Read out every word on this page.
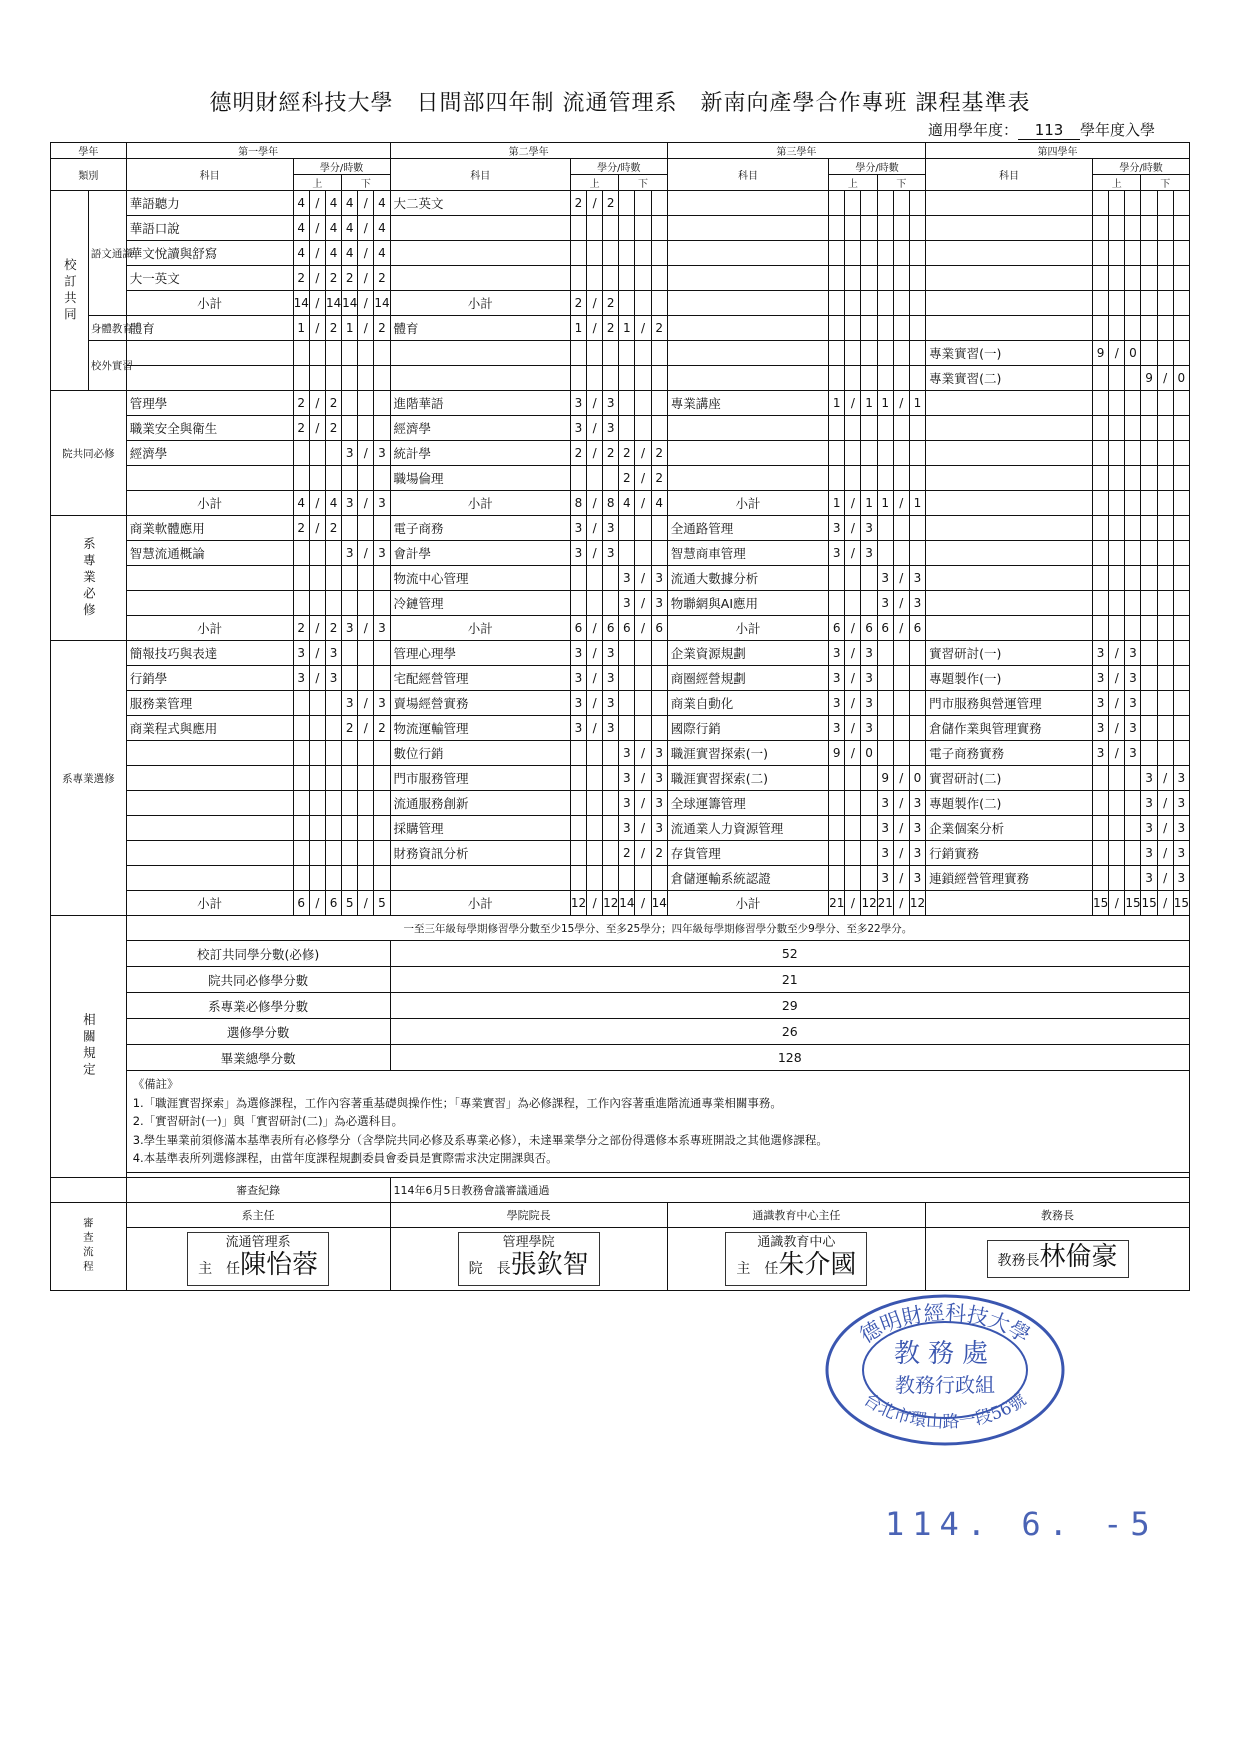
德明財經科技大學　日間部四年制 流通管理系　新南向產學合作專班 課程基準表
適用學年度： 113 學年度入學
學年		第一學年							第二學年							第三學年							第四學年						
類別		科目	學分/時數						科目	學分/時數						科目	學分/時數						科目	學分/時數					
			上			下				上			下				上			下				上			下		
校訂共同	語文通識	華語聽力	4	/	4	4	/	4	大二英文	2	/	2																	
		華語口說	4	/	4	4	/	4																					
		華文悅讀與舒寫	4	/	4	4	/	4																					
		大一英文	2	/	2	2	/	2																					
		小計	14	/	14	14	/	14	小計	2	/	2																	
	身體教育	體育	1	/	2	1	/	2	體育	1	/	2	1	/	2														
	校外實習																						專業實習(一)	9	/	0			
																							專業實習(二)				9	/	0
院共同必修		管理學	2	/	2				進階華語	3	/	3				專業講座	1	/	1	1	/	1							
		職業安全與衛生	2	/	2				經濟學	3	/	3																	
		經濟學				3	/	3	統計學	2	/	2	2	/	2														
									職場倫理				2	/	2														
		小計	4	/	4	3	/	3	小計	8	/	8	4	/	4	小計	1	/	1	1	/	1							
系專業必修		商業軟體應用	2	/	2				電子商務	3	/	3				全通路管理	3	/	3										
		智慧流通概論				3	/	3	會計學	3	/	3				智慧商車管理	3	/	3										
									物流中心管理				3	/	3	流通大數據分析				3	/	3							
									冷鏈管理				3	/	3	物聯網與AI應用				3	/	3							
		小計	2	/	2	3	/	3	小計	6	/	6	6	/	6	小計	6	/	6	6	/	6							
系專業選修		簡報技巧與表達	3	/	3				管理心理學	3	/	3				企業資源規劃	3	/	3				實習研討(一)	3	/	3			
		行銷學	3	/	3				宅配經營管理	3	/	3				商圈經營規劃	3	/	3				專題製作(一)	3	/	3			
		服務業管理				3	/	3	賣場經營實務	3	/	3				商業自動化	3	/	3				門市服務與營運管理	3	/	3			
		商業程式與應用				2	/	2	物流運輸管理	3	/	3				國際行銷	3	/	3				倉儲作業與管理實務	3	/	3			
									數位行銷				3	/	3	職涯實習探索(一)	9	/	0				電子商務實務	3	/	3			
									門市服務管理				3	/	3	職涯實習探索(二)				9	/	0	實習研討(二)				3	/	3
									流通服務創新				3	/	3	全球運籌管理				3	/	3	專題製作(二)				3	/	3
									採購管理				3	/	3	流通業人力資源管理				3	/	3	企業個案分析				3	/	3
									財務資訊分析				2	/	2	存貨管理				3	/	3	行銷實務				3	/	3
																倉儲運輸系統認證				3	/	3	連鎖經營管理實務				3	/	3
		小計	6	/	6	5	/	5	小計	12	/	12	14	/	14	小計	21	/	12	21	/	12		15	/	15	15	/	15
相關規定		一至三年級每學期修習學分數至少15學分、至多25學分；四年級每學期修習學分數至少9學分、至多22學分。																											
		校訂共同學分數(必修)							52																				
		院共同必修學分數							21																				
		系專業必修學分數							29																				
		選修學分數							26																				
		畢業總學分數							128																				

		《備註》
1.「職涯實習探索」為選修課程，工作內容著重基礎與操作性；「專業實習」為必修課程，工作內容著重進階流通專業相關事務。
2.「實習研討(一)」與「實習研討(二)」為必選科目。
3.學生畢業前須修滿本基準表所有必修學分（含學院共同必修及系專業必修），未達畢業學分之部份得選修本系專班開設之其他選修課程。
4.本基準表所列選修課程，由當年度課程規劃委員會委員是實際需求決定開課與否。																											

		審查紀錄							114年6月5日教務會議審議通過																				
審查流程		系主任							學院院長							通識教育中心主任							教務長						

		流通管理系
主　任陳怡蓉							管理學院
院　長張欽智							通識教育中心
主　任朱介國							教務長林倫豪						
德明財經科技大學
台北市環山路一段56號
教務處
教務行政組
114. 6. -5
